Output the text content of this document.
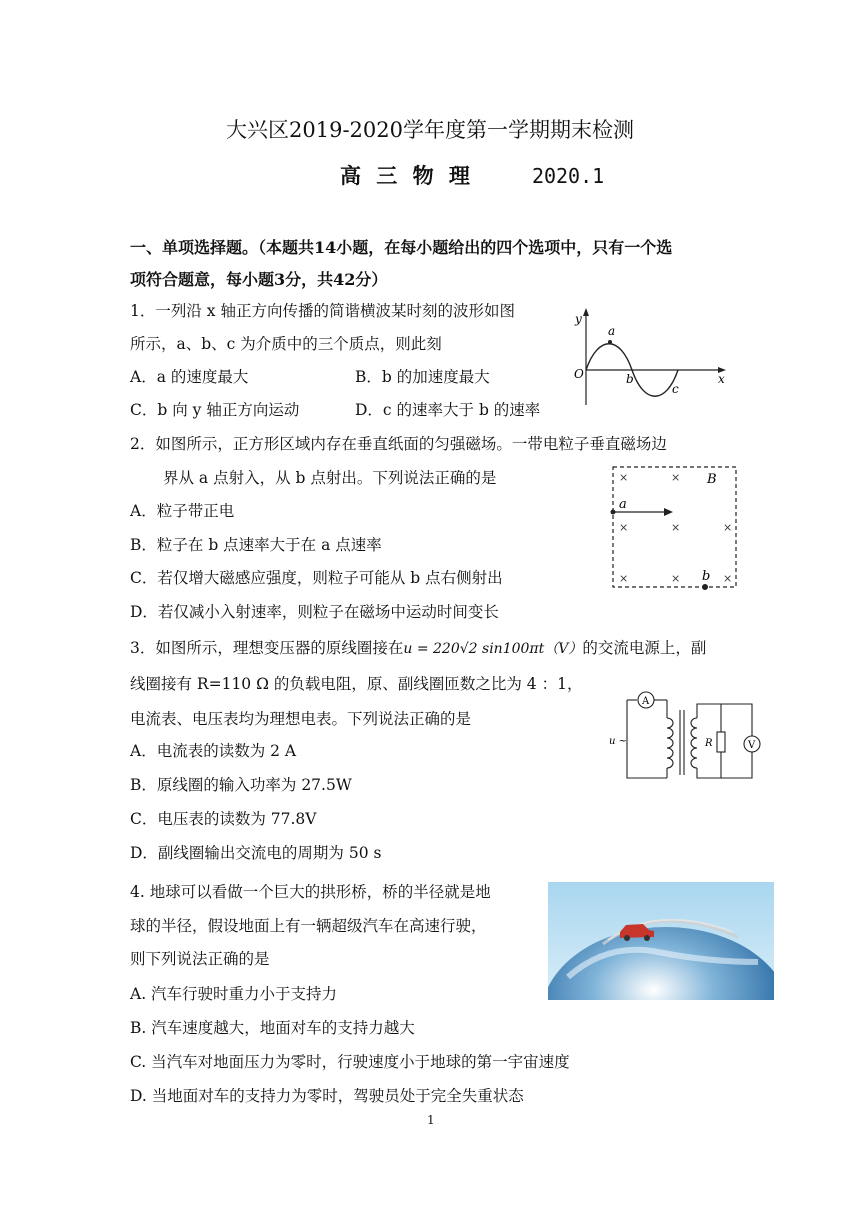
大兴区2019-2020学年度第一学期期末检测
高 三 物 理	2020.1
一、单项选择题。（本题共14小题，在每小题给出的四个选项中，只有一个选
项符合题意，每小题3分，共42分）
1．一列沿 x 轴正方向传播的简谐横波某时刻的波形如图
所示，a、b、c 为介质中的三个质点，则此刻
A．a 的速度最大	B．b 的加速度最大
C．b 向 y 轴正方向运动	D．c 的速率大于 b 的速率
y
x
O
a
b
c
2．如图所示，正方形区域内存在垂直纸面的匀强磁场。一带电粒子垂直磁场边
界从 a 点射入，从 b 点射出。下列说法正确的是
A．粒子带正电
B．粒子在 b 点速率大于在 a 点速率
C．若仅增大磁感应强度，则粒子可能从 b 点右侧射出
D．若仅减小入射速率，则粒子在磁场中运动时间变长
×	×
×	×	×
×	×	×
B
a
b
3．如图所示，理想变压器的原线圈接在u = 220√2 sin100πt（V）的交流电源上，副
线圈接有 R=110 Ω 的负载电阻，原、副线圈匝数之比为 4 ：1，
电流表、电压表均为理想电表。下列说法正确的是
A．电流表的读数为 2 A
B．原线圈的输入功率为 27.5W
C．电压表的读数为 77.8V
D．副线圈输出交流电的周期为 50 s
A
u ~	R	V
4. 地球可以看做一个巨大的拱形桥，桥的半径就是地
球的半径，假设地面上有一辆超级汽车在高速行驶，
则下列说法正确的是
A. 汽车行驶时重力小于支持力
B. 汽车速度越大，地面对车的支持力越大
C. 当汽车对地面压力为零时，行驶速度小于地球的第一宇宙速度
D. 当地面对车的支持力为零时，驾驶员处于完全失重状态
1
